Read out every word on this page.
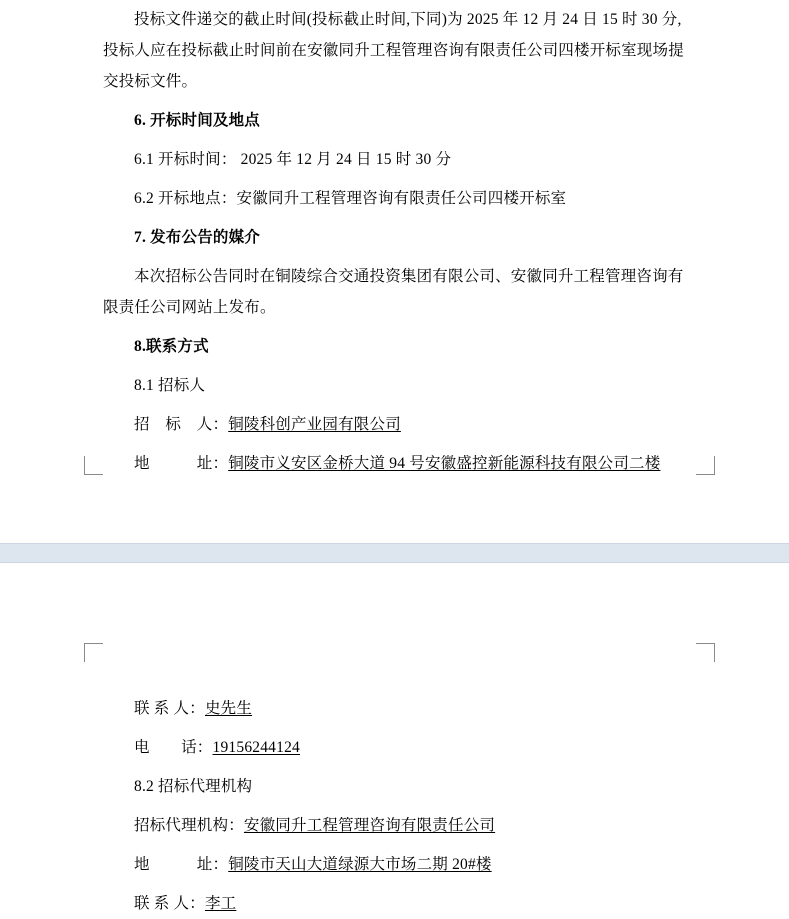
投标文件递交的截止时间(投标截止时间,下同)为 2025 年 12 月 24 日 15 时 30 分,投标人应在投标截止时间前在安徽同升工程管理咨询有限责任公司四楼开标室现场提交投标文件。

6. 开标时间及地点

6.1 开标时间： 2025 年 12 月 24 日 15 时 30 分

6.2 开标地点：安徽同升工程管理咨询有限责任公司四楼开标室

7. 发布公告的媒介

本次招标公告同时在铜陵综合交通投资集团有限公司、安徽同升工程管理咨询有限责任公司网站上发布。

8.联系方式

8.1 招标人

招　标　人：铜陵科创产业园有限公司

地　　　址：铜陵市义安区金桥大道 94 号安徽盛控新能源科技有限公司二楼

联 系 人：史先生

电　　话：19156244124

8.2 招标代理机构

招标代理机构：安徽同升工程管理咨询有限责任公司

地　　　址：铜陵市天山大道绿源大市场二期 20#楼

联 系 人：李工
